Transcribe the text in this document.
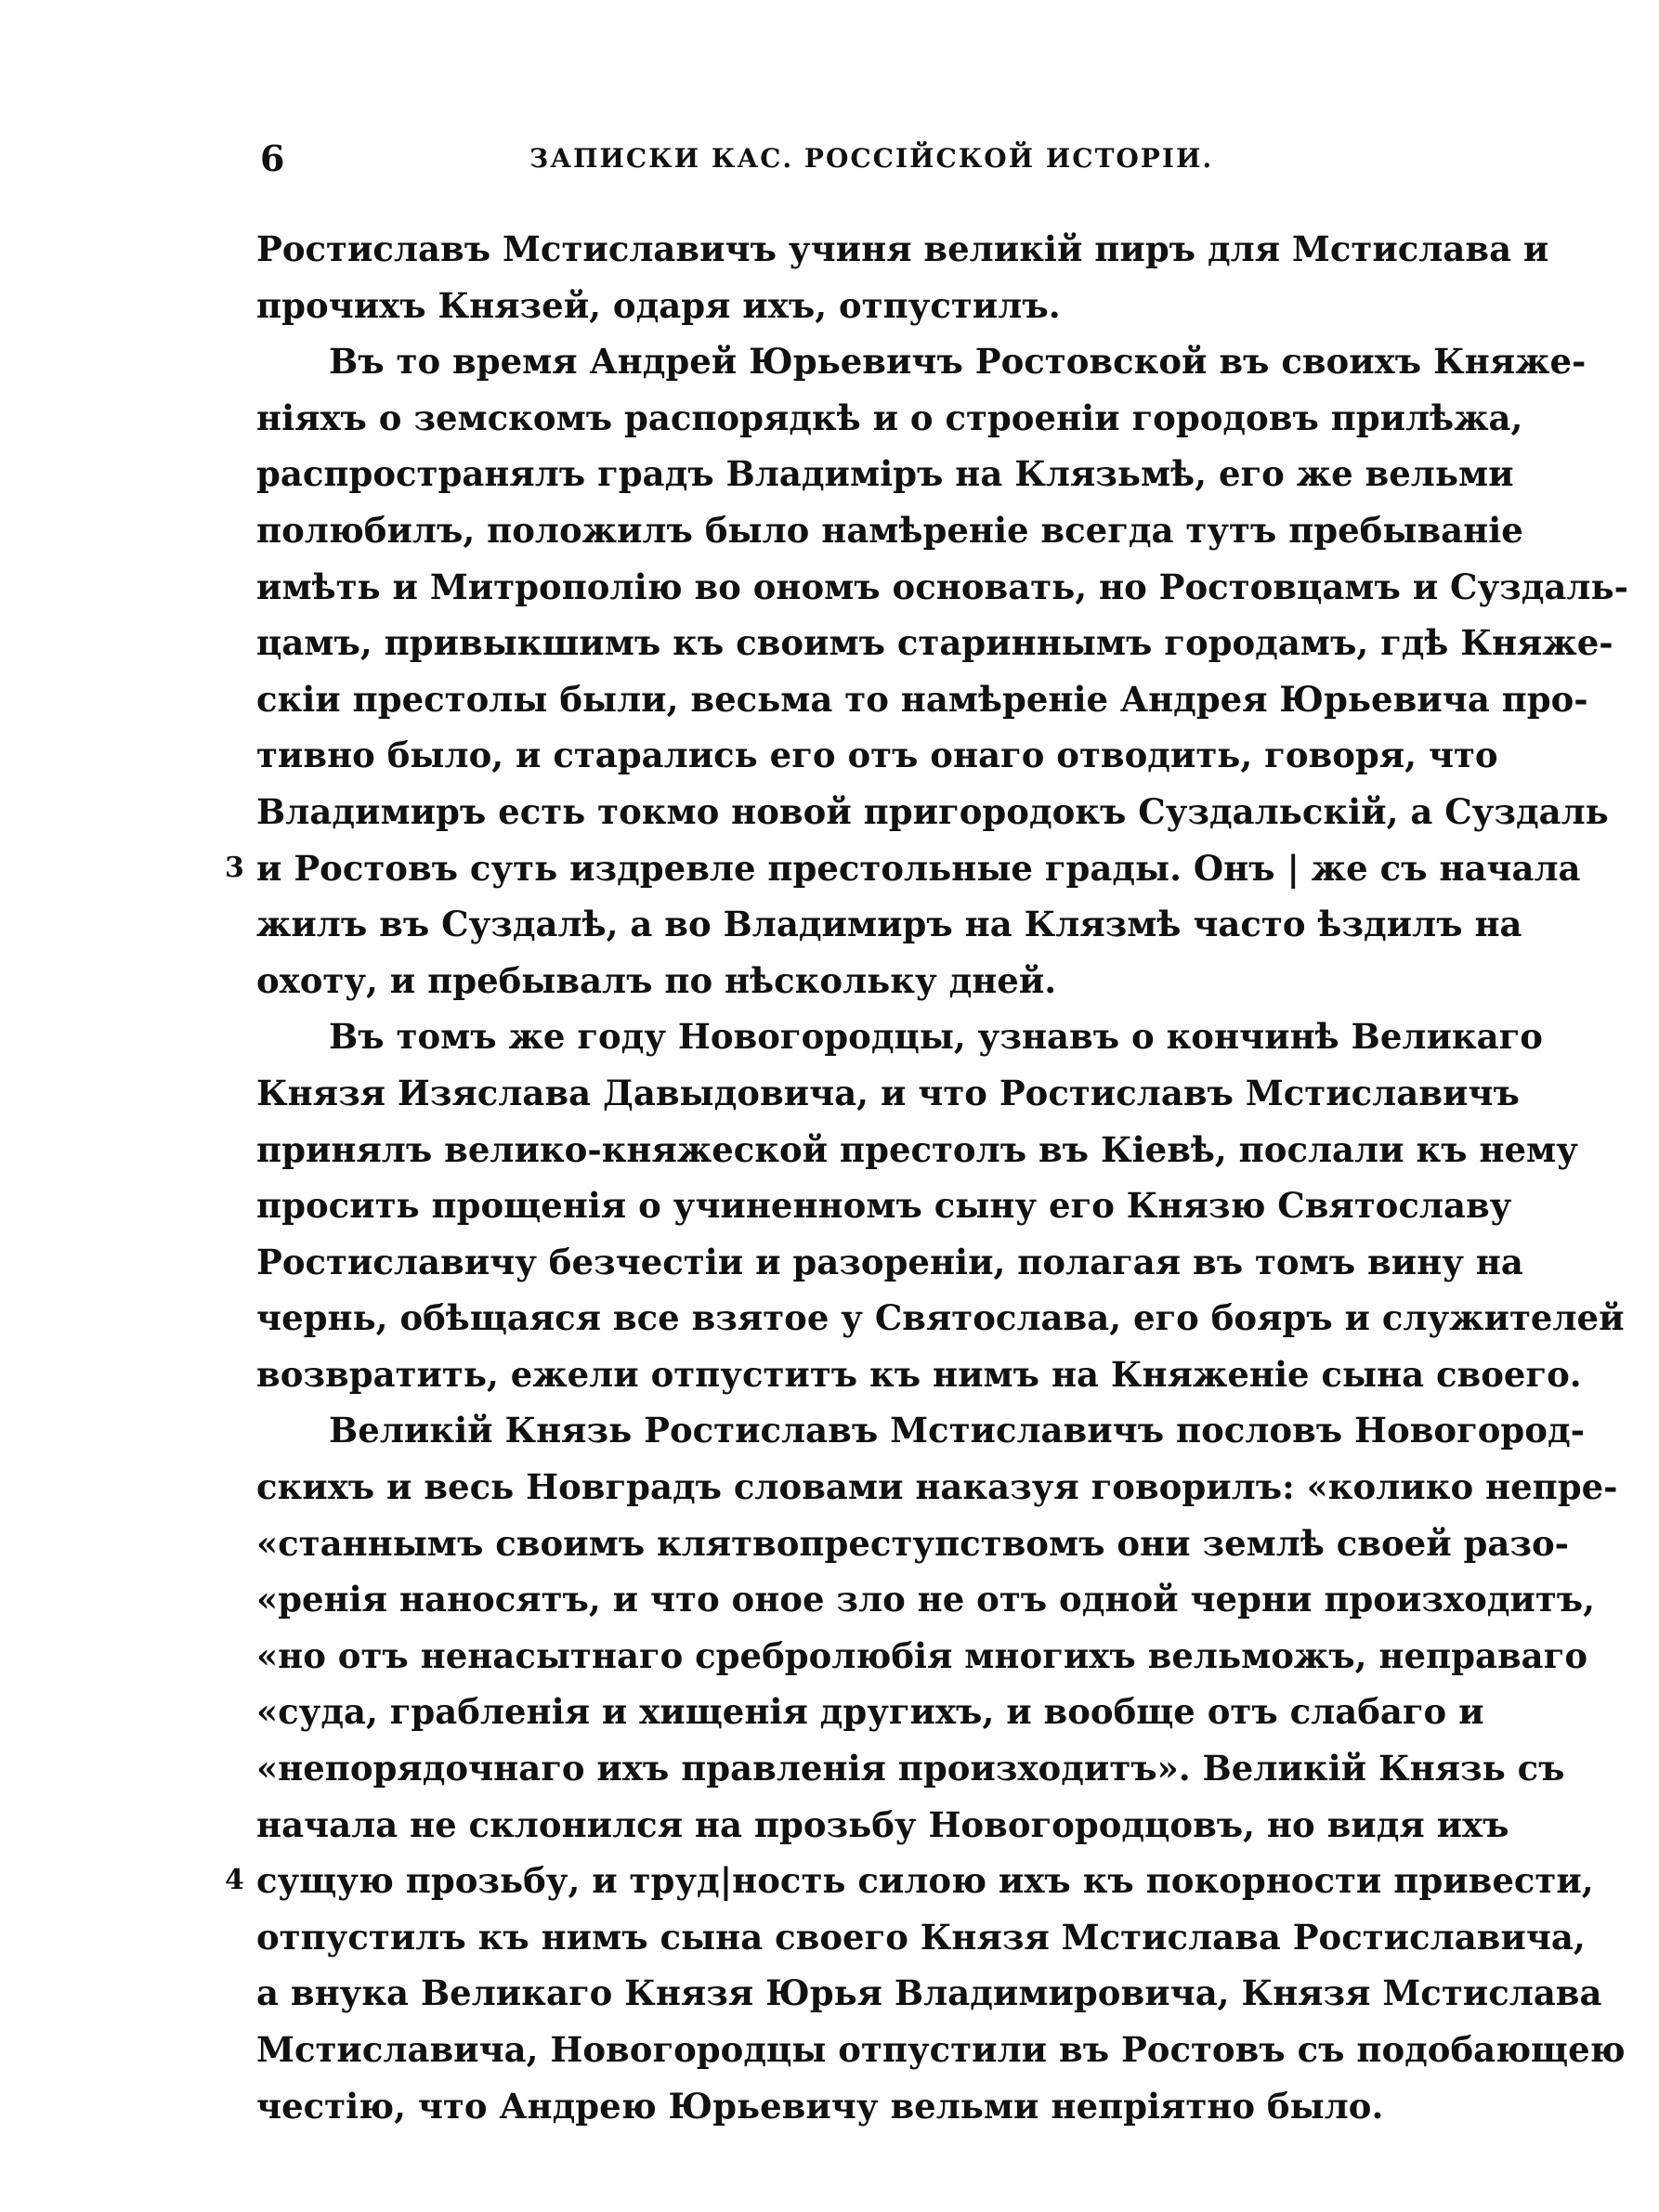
6	ЗАПИСКИ КАС. РОССІЙСКОЙ ИСТОРІИ.
Ростиславъ Мстиславичъ учиня великій пиръ для Мстислава и
прочихъ Князей, одаря ихъ, отпустилъ.
Въ то время Андрей Юрьевичъ Ростовской въ своихъ Княже-
ніяхъ о земскомъ распорядкѣ и о строеніи городовъ прилѣжа,
распространялъ градъ Владиміръ на Клязьмѣ, его же вельми
полюбилъ, положилъ было намѣреніе всегда тутъ пребываніе
имѣть и Митрополію во ономъ основать, но Ростовцамъ и Суздаль-
цамъ, привыкшимъ къ своимъ стариннымъ городамъ, гдѣ Княже-
скіи престолы были, весьма то намѣреніе Андрея Юрьевича про-
тивно было, и старались его отъ онаго отводить, говоря, что
Владимиръ есть токмо новой пригородокъ Суздальскій, а Суздаль
3 и Ростовъ суть издревле престольные грады. Онъ | же съ начала
жилъ въ Суздалѣ, а во Владимиръ на Клязмѣ часто ѣздилъ на
охоту, и пребывалъ по нѣскольку дней.
Въ томъ же году Новогородцы, узнавъ о кончинѣ Великаго
Князя Изяслава Давыдовича, и что Ростиславъ Мстиславичъ
принялъ велико-княжеской престолъ въ Кіевѣ, послали къ нему
просить прощенія о учиненномъ сыну его Князю Святославу
Ростиславичу безчестіи и разореніи, полагая въ томъ вину на
чернь, обѣщаяся все взятое у Святослава, его бояръ и служителей
возвратить, ежели отпуститъ къ нимъ на Княженіе сына своего.
Великій Князь Ростиславъ Мстиславичъ пословъ Новогород-
скихъ и весь Новградъ словами наказуя говорилъ: «колико непре-
«станнымъ своимъ клятвопреступствомъ они землѣ своей разо-
«ренія наносятъ, и что оное зло не отъ одной черни произходитъ,
«но отъ ненасытнаго сребролюбія многихъ вельможъ, неправаго
«суда, грабленія и хищенія другихъ, и вообще отъ слабаго и
«непорядочнаго ихъ правленія произходитъ». Великій Князь съ
начала не склонился на прозьбу Новогородцовъ, но видя ихъ
4 сущую прозьбу, и труд|ность силою ихъ къ покорности привести,
отпустилъ къ нимъ сына своего Князя Мстислава Ростиславича,
а внука Великаго Князя Юрья Владимировича, Князя Мстислава
Мстиславича, Новогородцы отпустили въ Ростовъ съ подобающею
честію, что Андрею Юрьевичу вельми непріятно было.
